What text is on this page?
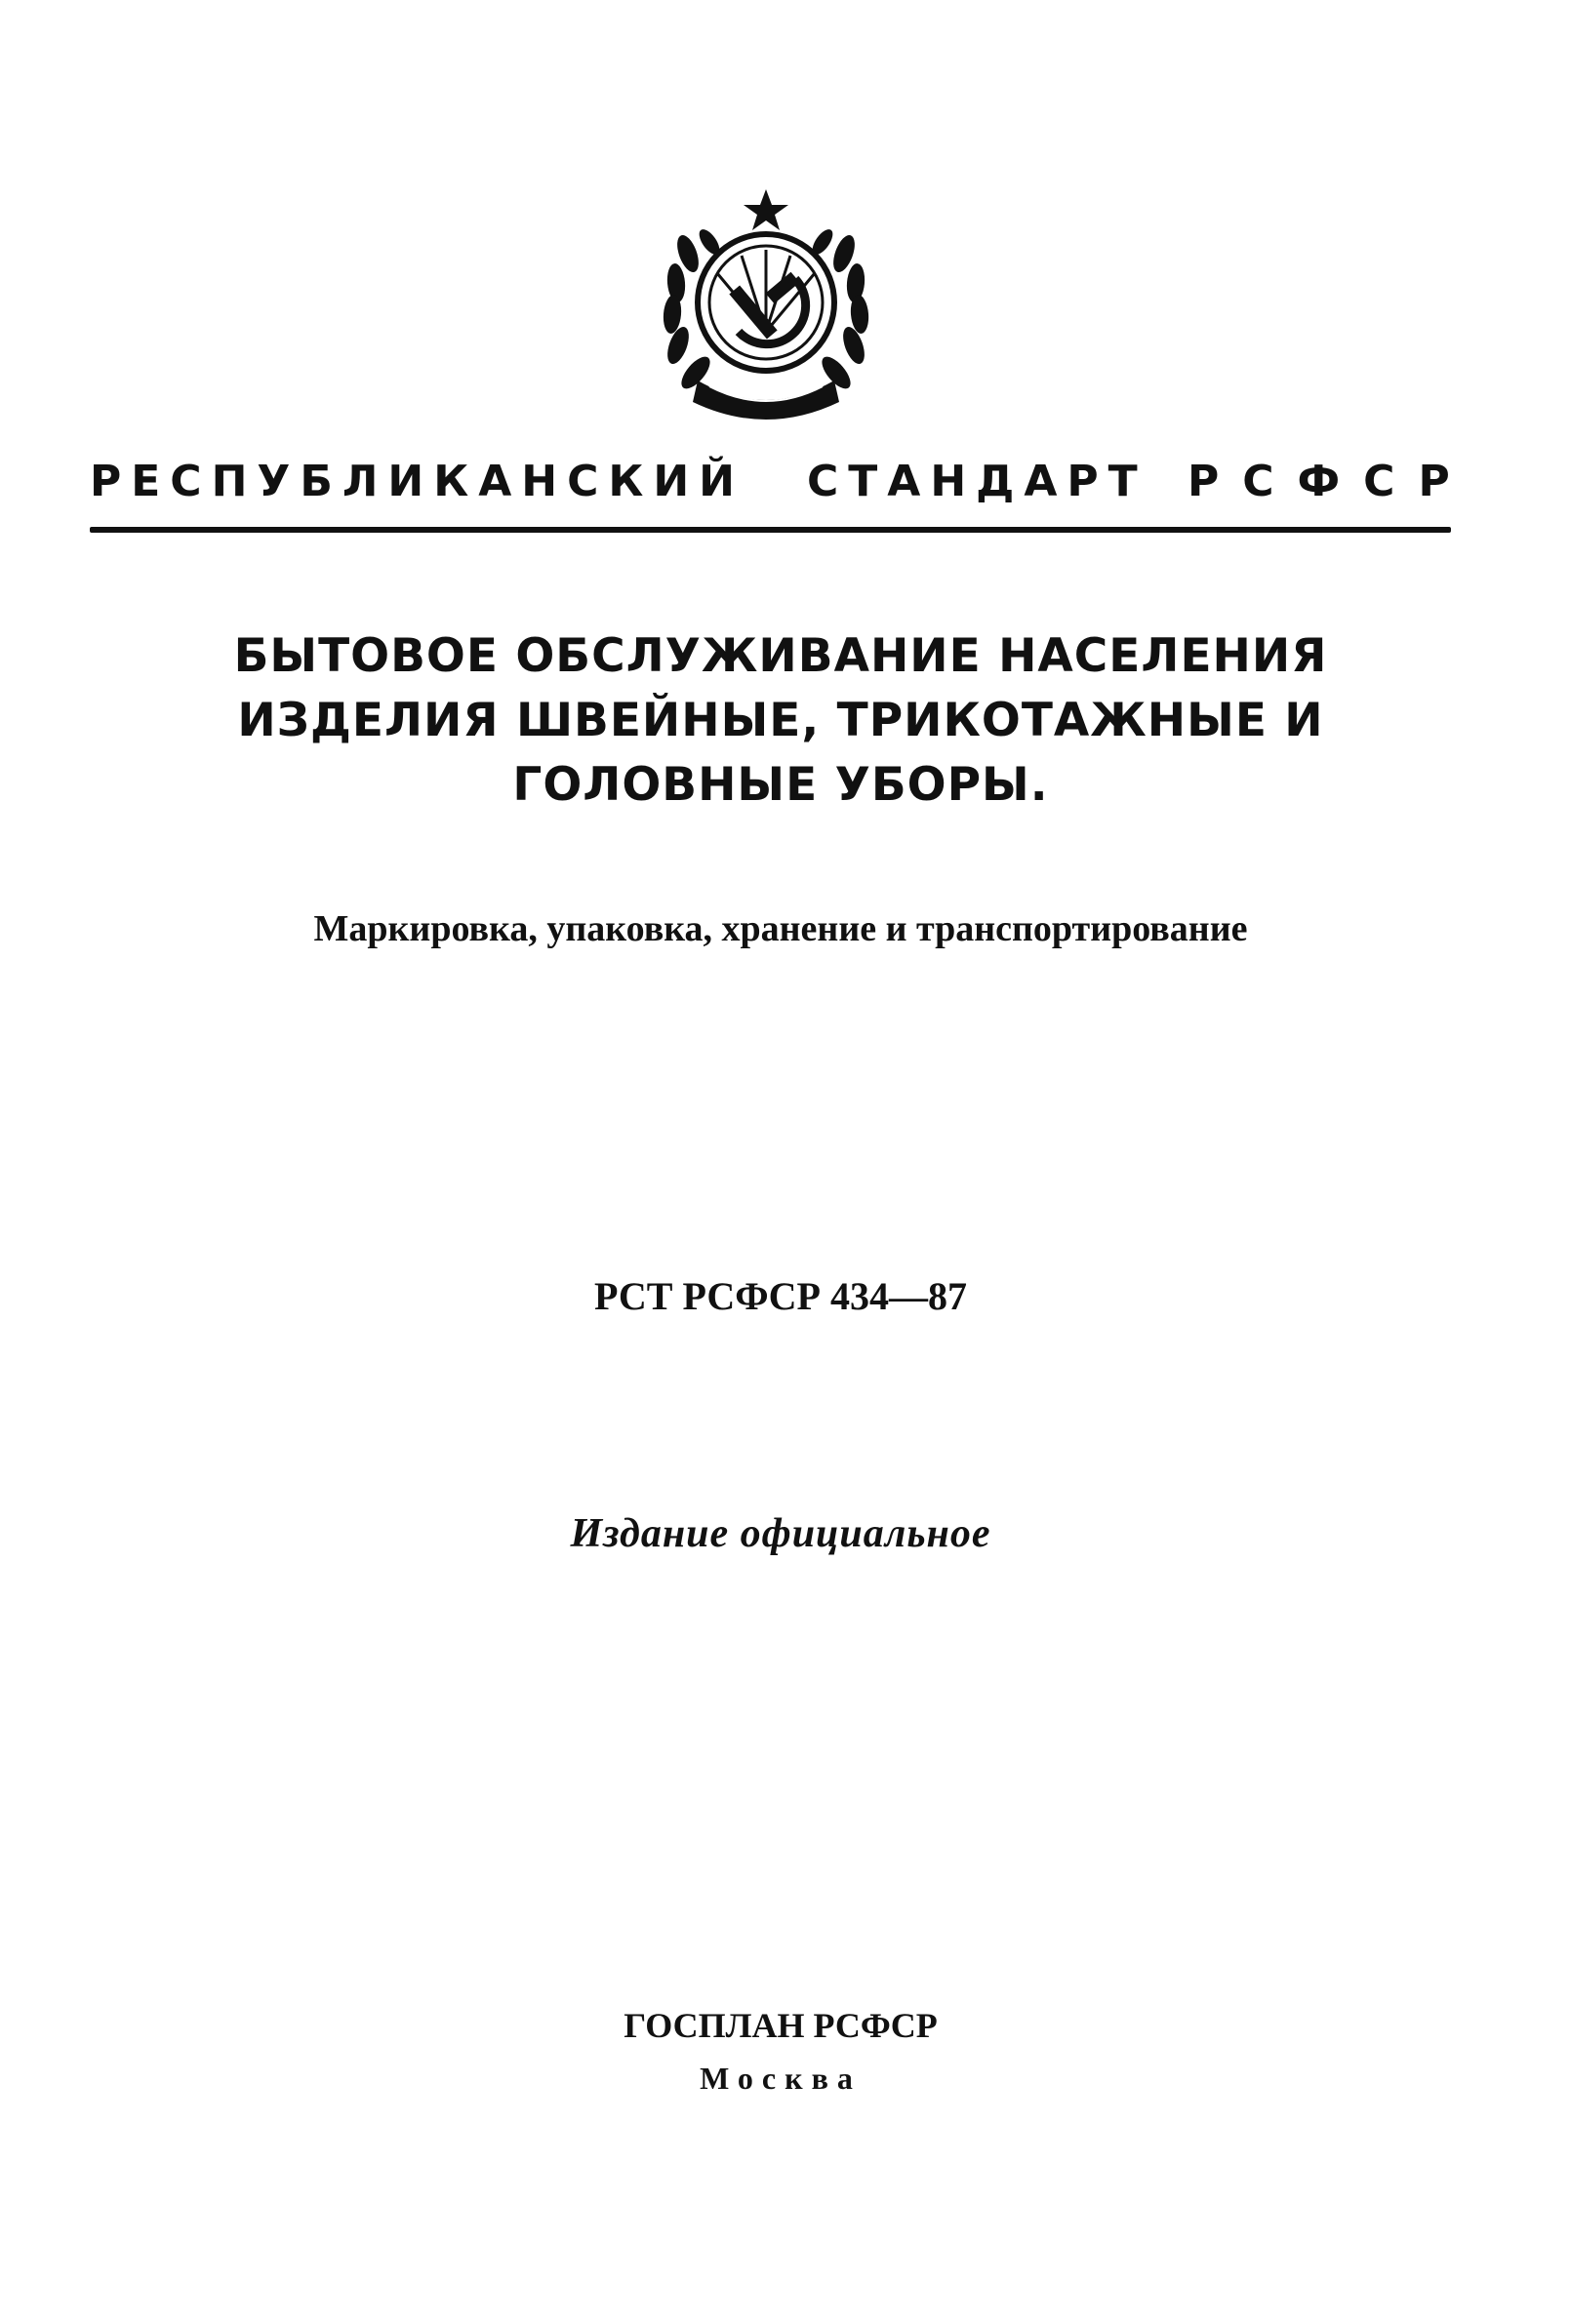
РЕСПУБЛИКАНСКИЙ СТАНДАРТ РСФСР
БЫТОВОЕ ОБСЛУЖИВАНИЕ НАСЕЛЕНИЯ
ИЗДЕЛИЯ ШВЕЙНЫЕ, ТРИКОТАЖНЫЕ И
ГОЛОВНЫЕ УБОРЫ.
Маркировка, упаковка, хранение и транспортирование
РСТ РСФСР 434—87
Издание официальное
ГОСПЛАН РСФСР
Москва
